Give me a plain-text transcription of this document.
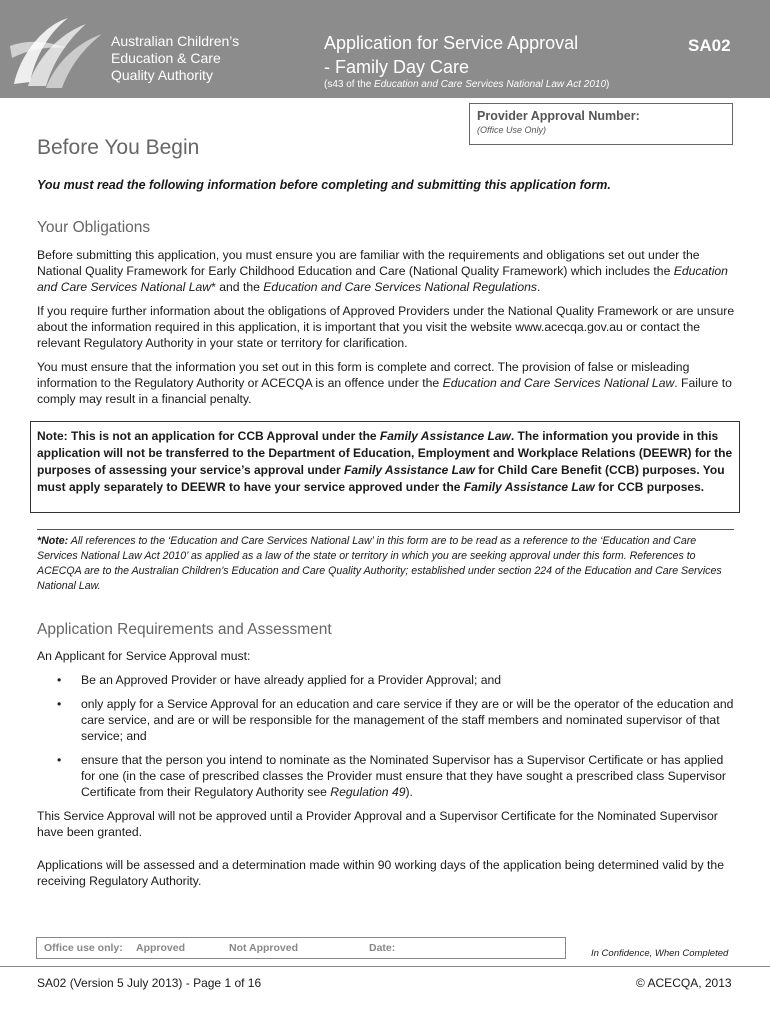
Australian Children’s
Education & Care
Quality Authority
Application for Service Approval
- Family Day Care
(s43 of the Education and Care Services National Law Act 2010)
SA02
Provider Approval Number:
(Office Use Only)
Before You Begin
You must read the following information before completing and submitting this application form.
Your Obligations
Before submitting this application, you must ensure you are familiar with the requirements and obligations set out under the National Quality Framework for Early Childhood Education and Care (National Quality Framework) which includes the Education and Care Services National Law* and the Education and Care Services National Regulations.
If you require further information about the obligations of Approved Providers under the National Quality Framework or are unsure about the information required in this application, it is important that you visit the website www.acecqa.gov.au or contact the relevant Regulatory Authority in your state or territory for clarification.
You must ensure that the information you set out in this form is complete and correct. The provision of false or misleading information to the Regulatory Authority or ACECQA is an offence under the Education and Care Services National Law. Failure to comply may result in a financial penalty.
Note: This is not an application for CCB Approval under the Family Assistance Law. The information you provide in this application will not be transferred to the Department of Education, Employment and Workplace Relations (DEEWR) for the purposes of assessing your service’s approval under Family Assistance Law for Child Care Benefit (CCB) purposes. You must apply separately to DEEWR to have your service approved under the Family Assistance Law for CCB purposes.
*Note: All references to the ‘Education and Care Services National Law’ in this form are to be read as a reference to the ‘Education and Care Services National Law Act 2010’ as applied as a law of the state or territory in which you are seeking approval under this form. References to ACECQA are to the Australian Children’s Education and Care Quality Authority; established under section 224 of the Education and Care Services National Law.
Application Requirements and Assessment
An Applicant for Service Approval must:
•	Be an Approved Provider or have already applied for a Provider Approval; and
•	only apply for a Service Approval for an education and care service if they are or will be the operator of the education and care service, and are or will be responsible for the management of the staff members and nominated supervisor of that service; and
•	ensure that the person you intend to nominate as the Nominated Supervisor has a Supervisor Certificate or has applied for one (in the case of prescribed classes the Provider must ensure that they have sought a prescribed class Supervisor Certificate from their Regulatory Authority see Regulation 49).
This Service Approval will not be approved until a Provider Approval and a Supervisor Certificate for the Nominated Supervisor have been granted.
Applications will be assessed and a determination made within 90 working days of the application being determined valid by the receiving Regulatory Authority.
Office use only: Approved	Not Approved	Date:	In Confidence, When Completed
SA02 (Version 5 July 2013) - Page 1 of 16	© ACECQA, 2013
